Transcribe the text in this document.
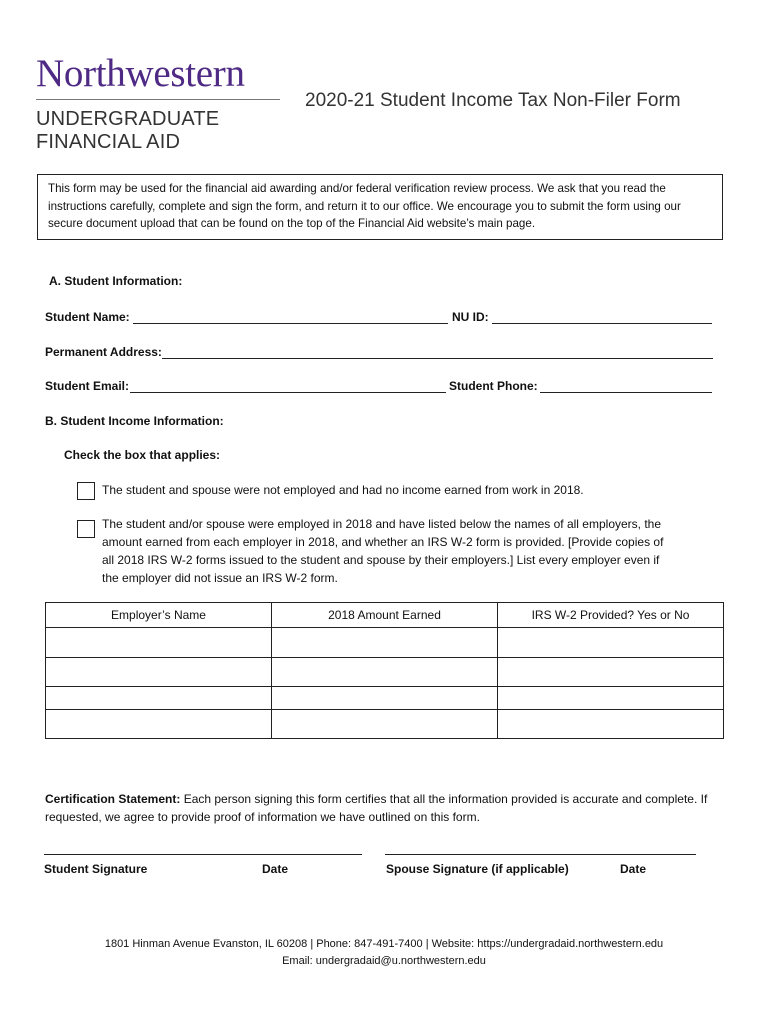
Northwestern
UNDERGRADUATE
FINANCIAL AID
2020-21 Student Income Tax Non-Filer Form
This form may be used for the financial aid awarding and/or federal verification review process. We ask that you read the instructions carefully, complete and sign the form, and return it to our office. We encourage you to submit the form using our secure document upload that can be found on the top of the Financial Aid website’s main page.
A. Student Information:
Student Name:	NU ID:
Permanent Address:
Student Email:	Student Phone:
B. Student Income Information:
Check the box that applies:
The student and spouse were not employed and had no income earned from work in 2018.
The student and/or spouse were employed in 2018 and have listed below the names of all employers, the amount earned from each employer in 2018, and whether an IRS W-2 form is provided. [Provide copies of all 2018 IRS W-2 forms issued to the student and spouse by their employers.] List every employer even if the employer did not issue an IRS W-2 form.
Employer’s Name	2018 Amount Earned	IRS W-2 Provided? Yes or No

Certification Statement: Each person signing this form certifies that all the information provided is accurate and complete. If requested, we agree to provide proof of information we have outlined on this form.
Student Signature	Date	Spouse Signature (if applicable)	Date
1801 Hinman Avenue Evanston, IL 60208 | Phone: 847-491-7400 | Website: https://undergradaid.northwestern.edu
Email: undergradaid@u.northwestern.edu
